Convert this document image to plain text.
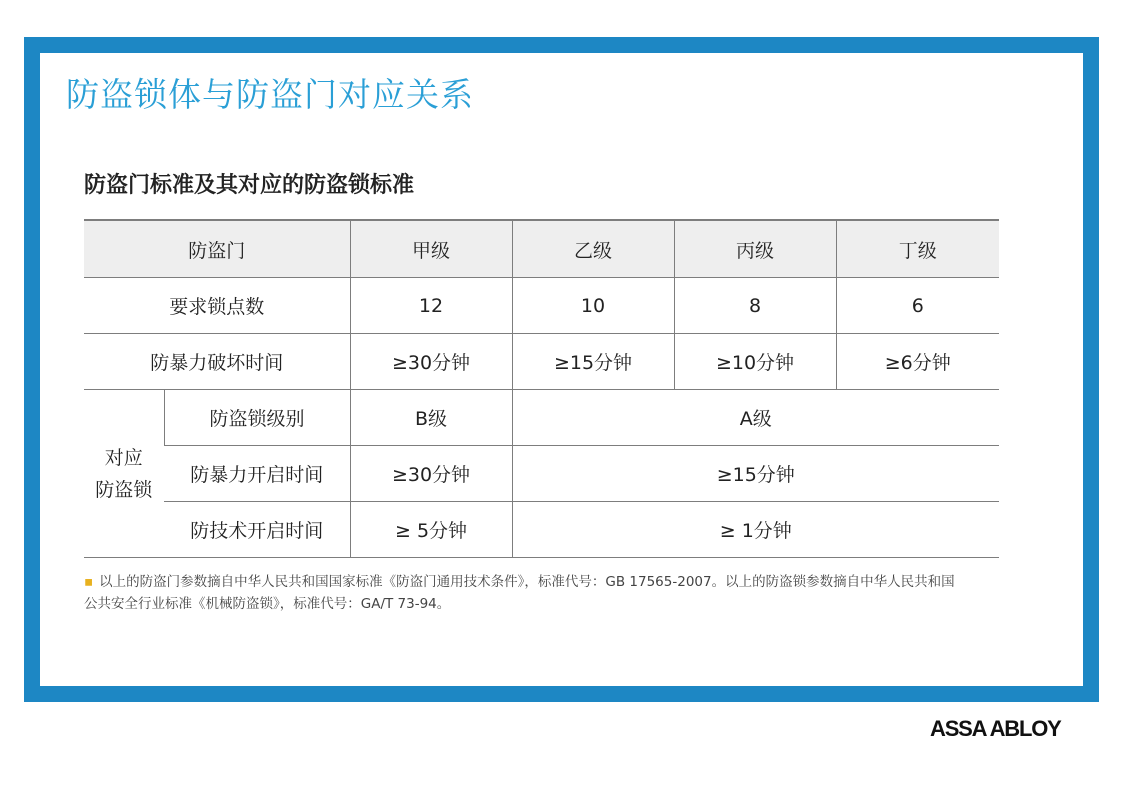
防盗锁体与防盗门对应关系
防盗门标准及其对应的防盗锁标准
防盗门		甲级	乙级	丙级	丁级
要求锁点数		12	10	8	6
防暴力破坏时间		≥30分钟	≥15分钟	≥10分钟	≥6分钟

对应
防盗锁	防盗锁级别	B级	A级		
	防暴力开启时间	≥30分钟	≥15分钟		
	防技术开启时间	≥ 5分钟	≥ 1分钟		
▪ 以上的防盗门参数摘自中华人民共和国国家标准《防盗门通用技术条件》，标准代号：GB 17565-2007。以上的防盗锁参数摘自中华人民共和国
公共安全行业标准《机械防盗锁》，标准代号：GA/T 73-94。
ASSA ABLOY
